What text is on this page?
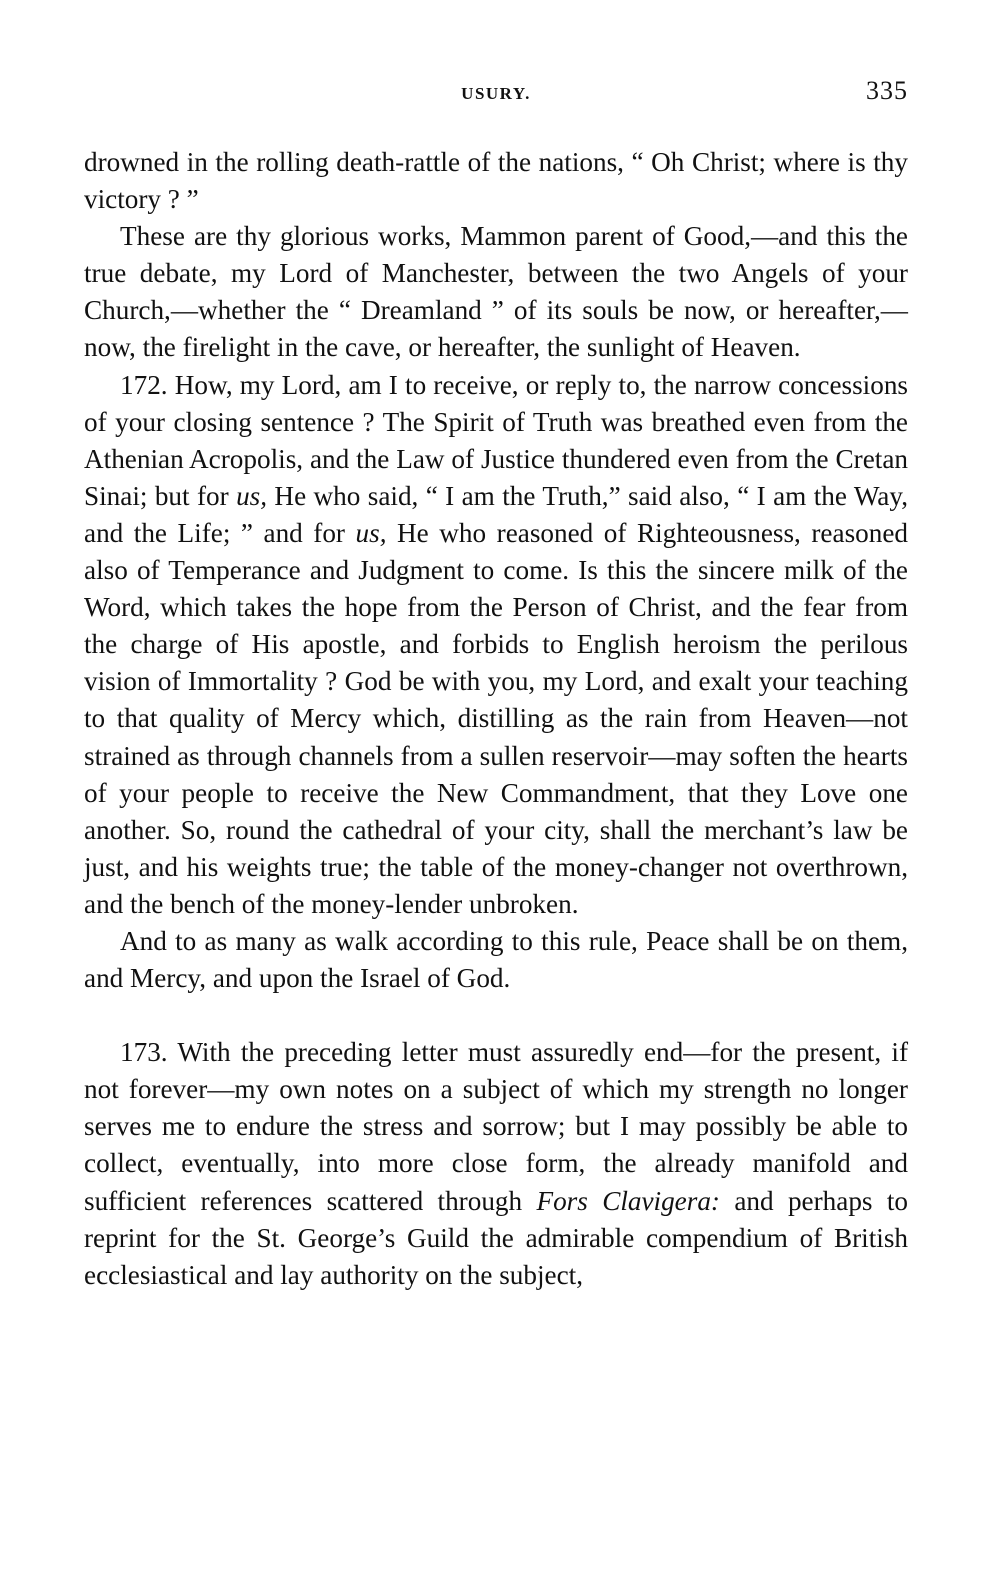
USURY.	335

drowned in the rolling death-rattle of the nations, “ Oh Christ; where is thy victory ? ”

These are thy glorious works, Mammon parent of Good,—and this the true debate, my Lord of Manchester, between the two Angels of your Church,—whether the “ Dreamland ” of its souls be now, or hereafter,—now, the firelight in the cave, or hereafter, the sunlight of Heaven.

172. How, my Lord, am I to receive, or reply to, the narrow concessions of your closing sentence ? The Spirit of Truth was breathed even from the Athenian Acropolis, and the Law of Justice thundered even from the Cretan Sinai; but for us, He who said, “ I am the Truth,” said also, “ I am the Way, and the Life; ” and for us, He who reasoned of Righteousness, reasoned also of Temperance and Judgment to come. Is this the sincere milk of the Word, which takes the hope from the Person of Christ, and the fear from the charge of His apostle, and forbids to English heroism the perilous vision of Immortality ? God be with you, my Lord, and exalt your teaching to that quality of Mercy which, distilling as the rain from Heaven—not strained as through channels from a sullen reservoir—may soften the hearts of your people to receive the New Commandment, that they Love one another. So, round the cathedral of your city, shall the merchant’s law be just, and his weights true; the table of the money-changer not overthrown, and the bench of the money-lender unbroken.

And to as many as walk according to this rule, Peace shall be on them, and Mercy, and upon the Israel of God.

173. With the preceding letter must assuredly end—for the present, if not forever—my own notes on a subject of which my strength no longer serves me to endure the stress and sorrow; but I may possibly be able to collect, eventually, into more close form, the already manifold and sufficient references scattered through Fors Clavigera: and perhaps to reprint for the St. George’s Guild the admirable compendium of British ecclesiastical and lay authority on the subject,
